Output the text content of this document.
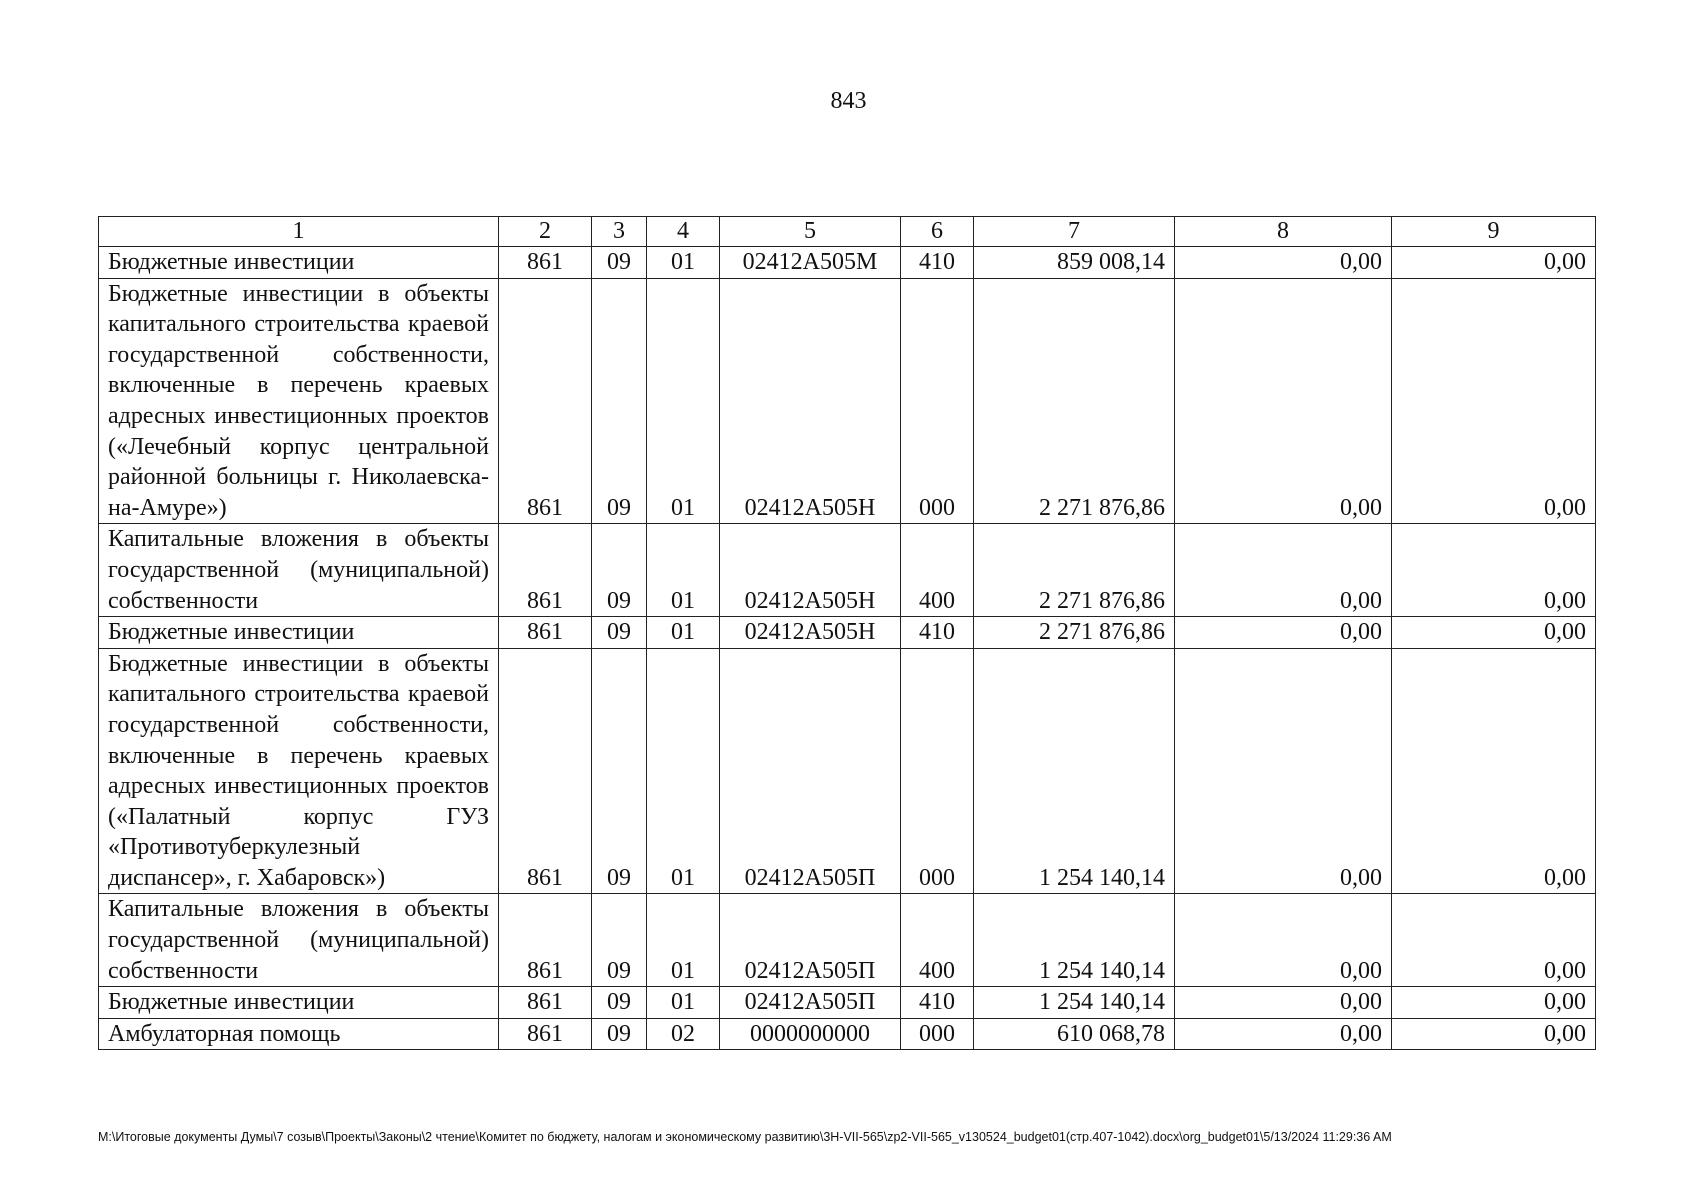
843
1	2	3	4	5	6	7	8	9
Бюджетные инвестиции	861	09	01	02412А505М	410	859 008,14	0,00	0,00
Бюджетные инвестиции в объекты капитального строительства краевой государственной собственности, включенные в перечень краевых адресных инвестиционных проектов («Лечебный корпус центральной районной больницы г. Николаевска-на-Амуре»)	861	09	01	02412А505Н	000	2 271 876,86	0,00	0,00
Капитальные вложения в объекты государственной (муниципальной) собственности	861	09	01	02412А505Н	400	2 271 876,86	0,00	0,00
Бюджетные инвестиции	861	09	01	02412А505Н	410	2 271 876,86	0,00	0,00
Бюджетные инвестиции в объекты капитального строительства краевой государственной собственности, включенные в перечень краевых адресных инвестиционных проектов («Палатный корпус ГУЗ «Противотуберкулезный диспансер», г. Хабаровск»)	861	09	01	02412А505П	000	1 254 140,14	0,00	0,00
Капитальные вложения в объекты государственной (муниципальной) собственности	861	09	01	02412А505П	400	1 254 140,14	0,00	0,00
Бюджетные инвестиции	861	09	01	02412А505П	410	1 254 140,14	0,00	0,00
Амбулаторная помощь	861	09	02	0000000000	000	610 068,78	0,00	0,00
M:\Итоговые документы Думы\7 созыв\Проекты\Законы\2 чтение\Комитет по бюджету, налогам и экономическому развитию\3Н-VII-565\zp2-VII-565_v130524_budget01(стр.407-1042).docx\org_budget01\5/13/2024 11:29:36 AM
